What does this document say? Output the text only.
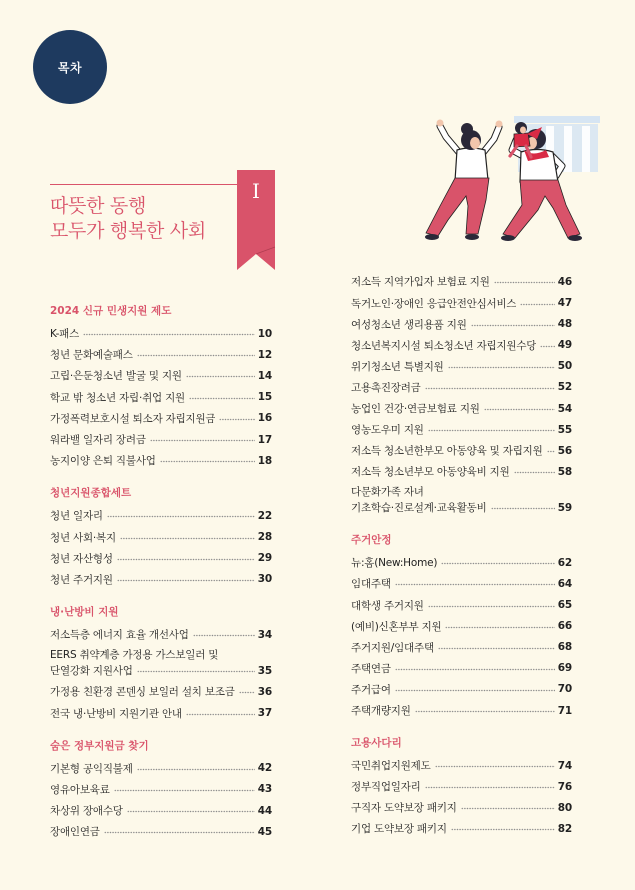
목차
따뜻한 동행
모두가 행복한 사회
I
2024 신규 민생지원 제도
K-패스	10
청년 문화예술패스	12
고립·은둔청소년 발굴 및 지원	14
학교 밖 청소년 자립·취업 지원	15
가정폭력보호시설 퇴소자 자립지원금	16
워라밸 일자리 장려금	17
농지이양 은퇴 직불사업	18
청년지원종합세트
청년 일자리	22
청년 사회·복지	28
청년 자산형성	29
청년 주거지원	30
냉·난방비 지원
저소득층 에너지 효율 개선사업	34
EERS 취약계층 가정용 가스보일러 및
단열강화 지원사업	35
가정용 친환경 콘덴싱 보일러 설치 보조금 36
전국 냉·난방비 지원기관 안내	37
숨은 정부지원금 찾기
기본형 공익직불제	42
영유아보육료	43
차상위 장애수당	44
장애인연금	45
저소득 지역가입자 보험료 지원	46
독거노인·장애인 응급안전안심서비스	47
여성청소년 생리용품 지원	48
청소년복지시설 퇴소청소년 자립지원수당 49
위기청소년 특별지원	50
고용촉진장려금	52
농업인 건강·연금보험료 지원	54
영농도우미 지원	55
저소득 청소년한부모 아동양육 및 자립지원 56
저소득 청소년부모 아동양육비 지원	58
다문화가족 자녀
기초학습·진로설계·교육활동비	59
주거안정
뉴:홈(New:Home)	62
임대주택	64
대학생 주거지원	65
(예비)신혼부부 지원	66
주거지원/임대주택	68
주택연금	69
주거급여	70
주택개량지원	71
고용사다리
국민취업지원제도	74
정부직업일자리	76
구직자 도약보장 패키지	80
기업 도약보장 패키지	82
